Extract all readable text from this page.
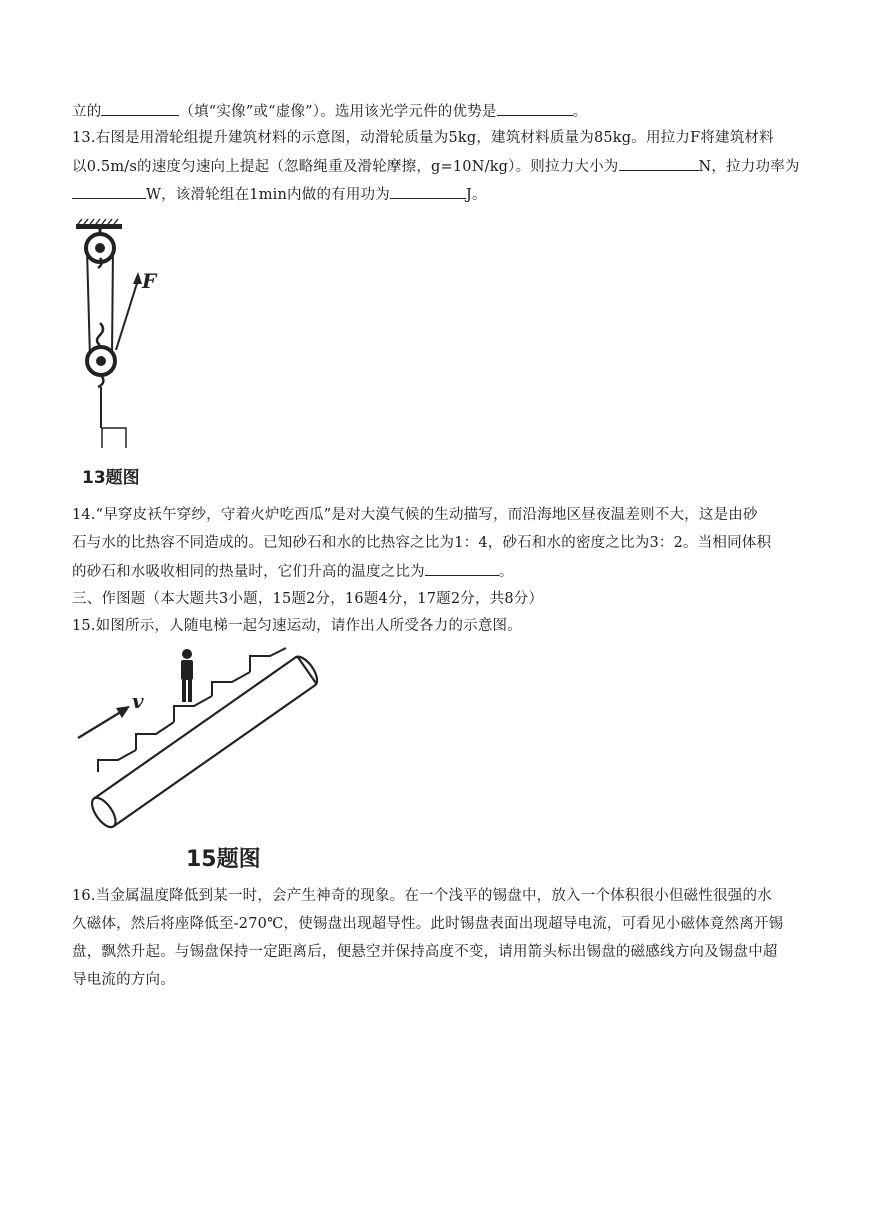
立的	（填“实像”或“虚像”）。选用该光学元件的优势是	。
13.右图是用滑轮组提升建筑材料的示意图，动滑轮质量为5kg，建筑材料质量为85kg。用拉力F将建筑材料
以0.5m/s的速度匀速向上提起（忽略绳重及滑轮摩擦，g=10N/kg）。则拉力大小为	N，拉力功率为
W，该滑轮组在1min内做的有用功为	J。
F
13题图
14.“早穿皮袄午穿纱，守着火炉吃西瓜”是对大漠气候的生动描写，而沿海地区昼夜温差则不大，这是由砂
石与水的比热容不同造成的。已知砂石和水的比热容之比为1：4，砂石和水的密度之比为3：2。当相同体积
的砂石和水吸收相同的热量时，它们升高的温度之比为	。
三、作图题（本大题共3小题，15题2分，16题4分，17题2分，共8分）
15.如图所示，人随电梯一起匀速运动，请作出人所受各力的示意图。
v
15题图
16.当金属温度降低到某一时，会产生神奇的现象。在一个浅平的锡盘中，放入一个体积很小但磁性很强的水
久磁体，然后将座降低至-270℃，使锡盘出现超导性。此时锡盘表面出现超导电流，可看见小磁体竟然离开锡
盘，飘然升起。与锡盘保持一定距离后，便悬空并保持高度不变，请用箭头标出锡盘的磁感线方向及锡盘中超
导电流的方向。
